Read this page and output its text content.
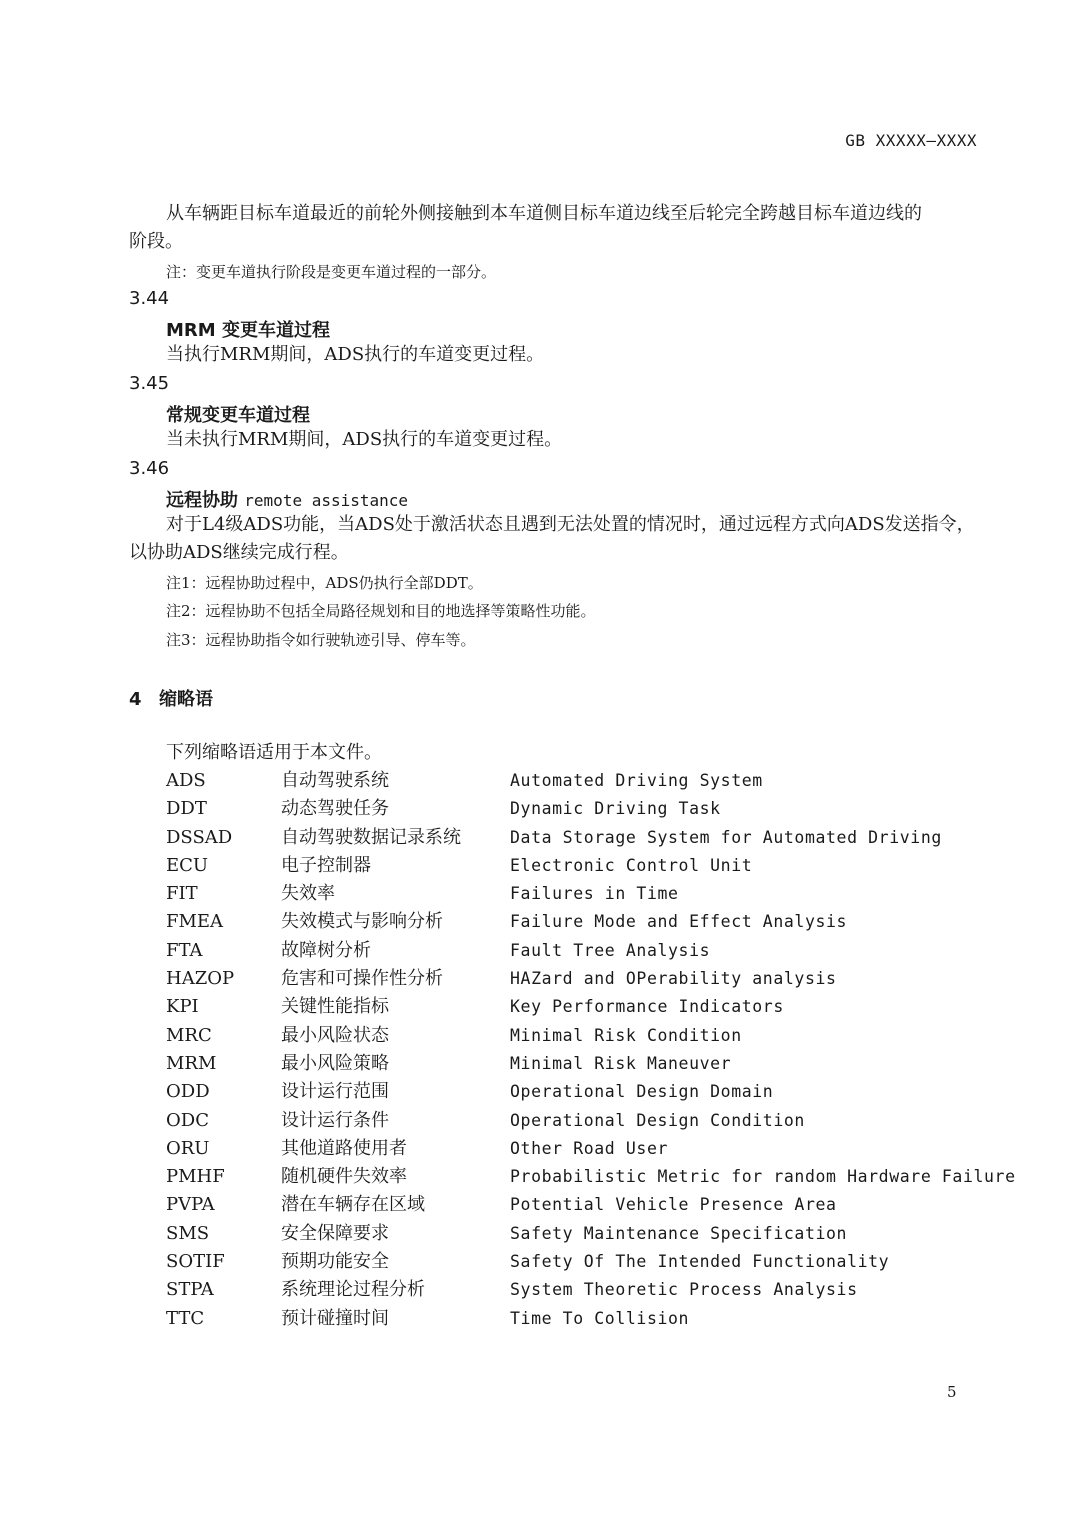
GB XXXXX—XXXX
从车辆距目标车道最近的前轮外侧接触到本车道侧目标车道边线至后轮完全跨越目标车道边线的
阶段。
注：变更车道执行阶段是变更车道过程的一部分。
3.44
MRM 变更车道过程
当执行MRM期间，ADS执行的车道变更过程。
3.45
常规变更车道过程
当未执行MRM期间，ADS执行的车道变更过程。
3.46
远程协助 remote assistance
对于L4级ADS功能，当ADS处于激活状态且遇到无法处置的情况时，通过远程方式向ADS发送指令，
以协助ADS继续完成行程。
注1：远程协助过程中，ADS仍执行全部DDT。
注2：远程协助不包括全局路径规划和目的地选择等策略性功能。
注3：远程协助指令如行驶轨迹引导、停车等。
4 缩略语
下列缩略语适用于本文件。
ADS	自动驾驶系统	Automated Driving System
DDT	动态驾驶任务	Dynamic Driving Task
DSSAD	自动驾驶数据记录系统	Data Storage System for Automated Driving
ECU	电子控制器	Electronic Control Unit
FIT	失效率	Failures in Time
FMEA	失效模式与影响分析	Failure Mode and Effect Analysis
FTA	故障树分析	Fault Tree Analysis
HAZOP	危害和可操作性分析	HAZard and OPerability analysis
KPI	关键性能指标	Key Performance Indicators
MRC	最小风险状态	Minimal Risk Condition
MRM	最小风险策略	Minimal Risk Maneuver
ODD	设计运行范围	Operational Design Domain
ODC	设计运行条件	Operational Design Condition
ORU	其他道路使用者	Other Road User
PMHF	随机硬件失效率	Probabilistic Metric for random Hardware Failure
PVPA	潜在车辆存在区域	Potential Vehicle Presence Area
SMS	安全保障要求	Safety Maintenance Specification
SOTIF	预期功能安全	Safety Of The Intended Functionality
STPA	系统理论过程分析	System Theoretic Process Analysis
TTC	预计碰撞时间	Time To Collision
5
